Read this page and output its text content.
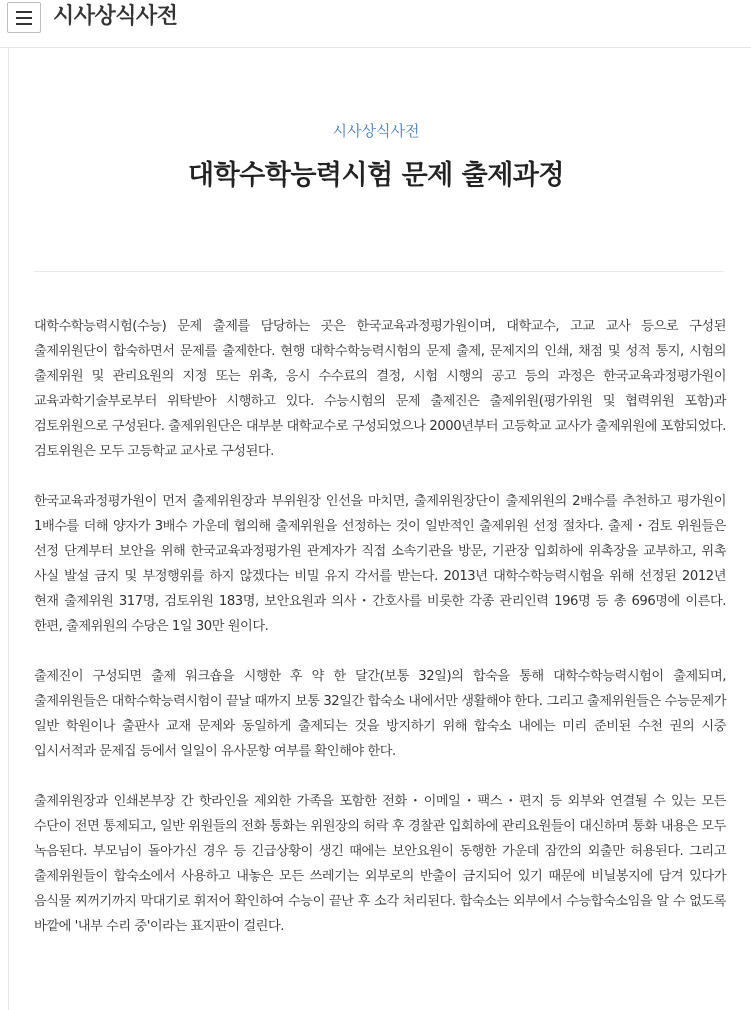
시사상식사전
시사상식사전
대학수학능력시험 문제 출제과정

대학수학능력시험(수능) 문제 출제를 담당하는 곳은 한국교육과정평가원이며, 대학교수, 고교 교사 등으로 구성된 출제위원단이 합숙하면서 문제를 출제한다. 현행 대학수학능력시험의 문제 출제, 문제지의 인쇄, 채점 및 성적 통지, 시험의 출제위원 및 관리요원의 지정 또는 위촉, 응시 수수료의 결정, 시험 시행의 공고 등의 과정은 한국교육과정평가원이 교육과학기술부로부터 위탁받아 시행하고 있다. 수능시험의 문제 출제진은 출제위원(평가위원 및 협력위원 포함)과 검토위원으로 구성된다. 출제위원단은 대부분 대학교수로 구성되었으나 2000년부터 고등학교 교사가 출제위원에 포함되었다. 검토위원은 모두 고등학교 교사로 구성된다.

한국교육과정평가원이 먼저 출제위원장과 부위원장 인선을 마치면, 출제위원장단이 출제위원의 2배수를 추천하고 평가원이 1배수를 더해 양자가 3배수 가운데 협의해 출제위원을 선정하는 것이 일반적인 출제위원 선정 절차다. 출제・검토 위원들은 선정 단계부터 보안을 위해 한국교육과정평가원 관계자가 직접 소속기관을 방문, 기관장 입회하에 위촉장을 교부하고, 위촉 사실 발설 금지 및 부정행위를 하지 않겠다는 비밀 유지 각서를 받는다. 2013년 대학수학능력시험을 위해 선정된 2012년 현재 출제위원 317명, 검토위원 183명, 보안요원과 의사・간호사를 비롯한 각종 관리인력 196명 등 총 696명에 이른다. 한편, 출제위원의 수당은 1일 30만 원이다.

출제진이 구성되면 출제 워크숍을 시행한 후 약 한 달간(보통 32일)의 합숙을 통해 대학수학능력시험이 출제되며, 출제위원들은 대학수학능력시험이 끝날 때까지 보통 32일간 합숙소 내에서만 생활해야 한다. 그리고 출제위원들은 수능문제가 일반 학원이나 출판사 교재 문제와 동일하게 출제되는 것을 방지하기 위해 합숙소 내에는 미리 준비된 수천 권의 시중 입시서적과 문제집 등에서 일일이 유사문항 여부를 확인해야 한다.

출제위원장과 인쇄본부장 간 핫라인을 제외한 가족을 포함한 전화・이메일・팩스・편지 등 외부와 연결될 수 있는 모든 수단이 전면 통제되고, 일반 위원들의 전화 통화는 위원장의 허락 후 경찰관 입회하에 관리요원들이 대신하며 통화 내용은 모두 녹음된다. 부모님이 돌아가신 경우 등 긴급상황이 생긴 때에는 보안요원이 동행한 가운데 잠깐의 외출만 허용된다. 그리고 출제위원들이 합숙소에서 사용하고 내놓은 모든 쓰레기는 외부로의 반출이 금지되어 있기 때문에 비닐봉지에 담겨 있다가 음식물 찌꺼기까지 막대기로 휘저어 확인하여 수능이 끝난 후 소각 처리된다. 합숙소는 외부에서 수능합숙소임을 알 수 없도록 바깥에 '내부 수리 중'이라는 표지판이 걸린다.
